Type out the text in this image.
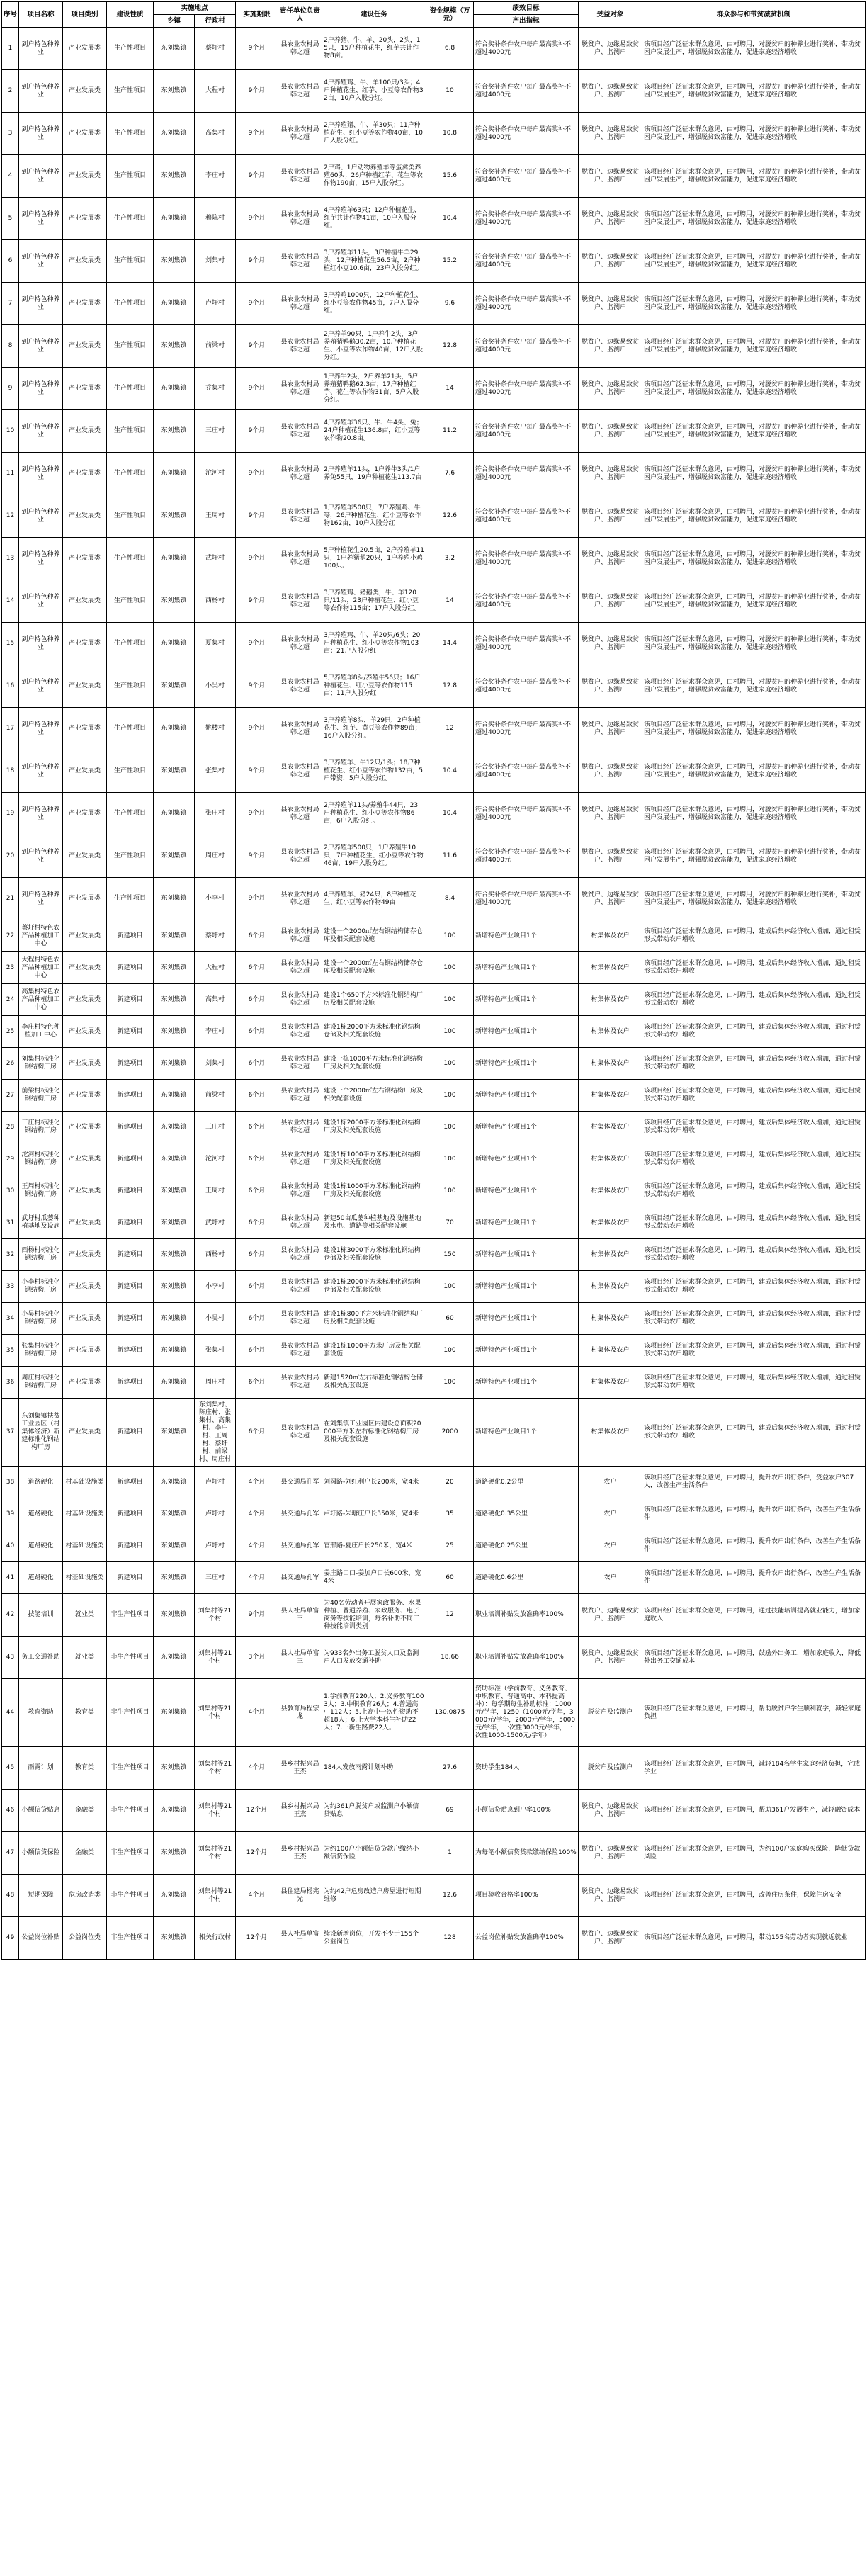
序号	项目名称	项目类别	建设性质	实施地点		实施期限	责任单位负责人	建设任务	资金规模（万元）	绩效目标	受益对象	群众参与和带贫减贫机制
				乡镇	行政村					产出指标		
1	到户特色种养业	产业发展类	生产性项目	东刘集镇	蔡圩村	9个月	县农业农村局韩之超	2户养猪、牛、羊、20头，2头，15只，15户种植花生，红芋共计作物8亩。	6.8	符合奖补条件农户每户最高奖补不超过4000元	脱贫户、边缘易致贫户、监测户	该项目经广泛征求群众意见，由村聘用，对脱贫户的种养业进行奖补，带动贫困户发展生产，增强脱贫致富能力，促进家庭经济增收
2	到户特色种养业	产业发展类	生产性项目	东刘集镇	大程村	9个月	县农业农村局韩之超	4户养殖鸡、牛、羊100只/3头；4户种植花生、红芋、小豆等农作物32亩，10户入股分红。	10	符合奖补条件农户每户最高奖补不超过4000元	脱贫户、边缘易致贫户、监测户	该项目经广泛征求群众意见，由村聘用，对脱贫户的种养业进行奖补，带动贫困户发展生产，增强脱贫致富能力，促进家庭经济增收
3	到户特色种养业	产业发展类	生产性项目	东刘集镇	高集村	9个月	县农业农村局韩之超	2户养殖猪、牛、羊30只；11户种植花生、红小豆等农作物40亩，10户入股分红。	10.8	符合奖补条件农户每户最高奖补不超过4000元	脱贫户、边缘易致贫户、监测户	该项目经广泛征求群众意见，由村聘用，对脱贫户的种养业进行奖补，带动贫困户发展生产，增强脱贫致富能力，促进家庭经济增收
4	到户特色种养业	产业发展类	生产性项目	东刘集镇	李庄村	9个月	县农业农村局韩之超	2户鸡、1户动物养殖羊等蛋禽类养殖60头；26户种植红芋、花生等农作物190亩，15户入股分红。	15.6	符合奖补条件农户每户最高奖补不超过4000元	脱贫户、边缘易致贫户、监测户	该项目经广泛征求群众意见，由村聘用，对脱贫户的种养业进行奖补，带动贫困户发展生产，增强脱贫致富能力，促进家庭经济增收
5	到户特色种养业	产业发展类	生产性项目	东刘集镇	穆陈村	9个月	县农业农村局韩之超	4户养殖羊63只；12户种植花生、红芋共计作物41亩，10户入股分红。	10.4	符合奖补条件农户每户最高奖补不超过4000元	脱贫户、边缘易致贫户、监测户	该项目经广泛征求群众意见，由村聘用，对脱贫户的种养业进行奖补，带动贫困户发展生产，增强脱贫致富能力，促进家庭经济增收
6	到户特色种养业	产业发展类	生产性项目	东刘集镇	刘集村	9个月	县农业农村局韩之超	3户养殖羊11头，3户种植牛羊29头，12户种植花生56.5亩，2户种植红小豆10.6亩，23户入股分红。	15.2	符合奖补条件农户每户最高奖补不超过4000元	脱贫户、边缘易致贫户、监测户	该项目经广泛征求群众意见，由村聘用，对脱贫户的种养业进行奖补，带动贫困户发展生产，增强脱贫致富能力，促进家庭经济增收
7	到户特色种养业	产业发展类	生产性项目	东刘集镇	卢圩村	9个月	县农业农村局韩之超	3户养鸡1000只，12户种植花生、红小豆等农作物45亩，7户入股分红。	9.6	符合奖补条件农户每户最高奖补不超过4000元	脱贫户、边缘易致贫户、监测户	该项目经广泛征求群众意见，由村聘用，对脱贫户的种养业进行奖补，带动贫困户发展生产，增强脱贫致富能力，促进家庭经济增收
8	到户特色种养业	产业发展类	生产性项目	东刘集镇	前梁村	9个月	县农业农村局韩之超	2户养羊90只，1户养牛2头，3户养殖猪鸭鹅30.2亩，10户种植花生、小豆等农作物40亩，12户入股分红。	12.8	符合奖补条件农户每户最高奖补不超过4000元	脱贫户、边缘易致贫户、监测户	该项目经广泛征求群众意见，由村聘用，对脱贫户的种养业进行奖补，带动贫困户发展生产，增强脱贫致富能力，促进家庭经济增收
9	到户特色种养业	产业发展类	生产性项目	东刘集镇	乔集村	9个月	县农业农村局韩之超	1户养牛2头，2户养羊21头，5户养殖猪鸭鹅62.3亩；17户种植红芋、花生等农作物31亩，5户入股分红。	14	符合奖补条件农户每户最高奖补不超过4000元	脱贫户、边缘易致贫户、监测户	该项目经广泛征求群众意见，由村聘用，对脱贫户的种养业进行奖补，带动贫困户发展生产，增强脱贫致富能力，促进家庭经济增收
10	到户特色种养业	产业发展类	生产性项目	东刘集镇	三庄村	9个月	县农业农村局韩之超	4户养殖羊36只、牛、牛4头、兔；24户种植花生136.8亩，红小豆等农作物20.8亩。	11.2	符合奖补条件农户每户最高奖补不超过4000元	脱贫户、边缘易致贫户、监测户	该项目经广泛征求群众意见，由村聘用，对脱贫户的种养业进行奖补，带动贫困户发展生产，增强脱贫致富能力，促进家庭经济增收
11	到户特色种养业	产业发展类	生产性项目	东刘集镇	沱河村	9个月	县农业农村局韩之超	2户养殖羊11头，1户养牛3头/1户养兔55只，19户种植花生113.7亩	7.6	符合奖补条件农户每户最高奖补不超过4000元	脱贫户、边缘易致贫户、监测户	该项目经广泛征求群众意见，由村聘用，对脱贫户的种养业进行奖补，带动贫困户发展生产，增强脱贫致富能力，促进家庭经济增收
12	到户特色种养业	产业发展类	生产性项目	东刘集镇	王周村	9个月	县农业农村局韩之超	1户养殖羊500只，7户养殖鸡、牛等，26户种植花生、红小豆等农作物162亩，10户入股分红	12.6	符合奖补条件农户每户最高奖补不超过4000元	脱贫户、边缘易致贫户、监测户	该项目经广泛征求群众意见，由村聘用，对脱贫户的种养业进行奖补，带动贫困户发展生产，增强脱贫致富能力，促进家庭经济增收
13	到户特色种养业	产业发展类	生产性项目	东刘集镇	武圩村	9个月	县农业农村局韩之超	5户种植花生20.5亩，2户养殖羊11只，1户养猪鹅20只，1户养殖小鸡100只。	3.2	符合奖补条件农户每户最高奖补不超过4000元	脱贫户、边缘易致贫户、监测户	该项目经广泛征求群众意见，由村聘用，对脱贫户的种养业进行奖补，带动贫困户发展生产，增强脱贫致富能力，促进家庭经济增收
14	到户特色种养业	产业发展类	生产性项目	东刘集镇	西杨村	9个月	县农业农村局韩之超	3户养殖鸡、猪鹅类，牛、羊120只/11头，23户种植花生、红小豆等农作物115亩；17户入股分红。	14	符合奖补条件农户每户最高奖补不超过4000元	脱贫户、边缘易致贫户、监测户	该项目经广泛征求群众意见，由村聘用，对脱贫户的种养业进行奖补，带动贫困户发展生产，增强脱贫致富能力，促进家庭经济增收
15	到户特色种养业	产业发展类	生产性项目	东刘集镇	夏集村	9个月	县农业农村局韩之超	3户养殖鸡、牛、羊20只/6头；20户种植花生、红小豆等农作物103亩；21户入股分红	14.4	符合奖补条件农户每户最高奖补不超过4000元	脱贫户、边缘易致贫户、监测户	该项目经广泛征求群众意见，由村聘用，对脱贫户的种养业进行奖补，带动贫困户发展生产，增强脱贫致富能力，促进家庭经济增收
16	到户特色种养业	产业发展类	生产性项目	东刘集镇	小吴村	9个月	县农业农村局韩之超	5户养殖羊8头/养殖牛56只；16户种植花生、红小豆等农作物115亩；11户入股分红	12.8	符合奖补条件农户每户最高奖补不超过4000元	脱贫户、边缘易致贫户、监测户	该项目经广泛征求群众意见，由村聘用，对脱贫户的种养业进行奖补，带动贫困户发展生产，增强脱贫致富能力，促进家庭经济增收
17	到户特色种养业	产业发展类	生产性项目	东刘集镇	姚楼村	9个月	县农业农村局韩之超	3户养殖羊8头，羊29只，2户种植花生、红芋、黄豆等农作物89亩；16户入股分红。	12	符合奖补条件农户每户最高奖补不超过4000元	脱贫户、边缘易致贫户、监测户	该项目经广泛征求群众意见，由村聘用，对脱贫户的种养业进行奖补，带动贫困户发展生产，增强脱贫致富能力，促进家庭经济增收
18	到户特色种养业	产业发展类	生产性项目	东刘集镇	张集村	9个月	县农业农村局韩之超	3户养殖羊、牛12只/1头；18户种植花生、红小豆等农作物132亩，5户带资，5户入股分红。	10.4	符合奖补条件农户每户最高奖补不超过4000元	脱贫户、边缘易致贫户、监测户	该项目经广泛征求群众意见，由村聘用，对脱贫户的种养业进行奖补，带动贫困户发展生产，增强脱贫致富能力，促进家庭经济增收
19	到户特色种养业	产业发展类	生产性项目	东刘集镇	张庄村	9个月	县农业农村局韩之超	2户养殖羊11头/养殖牛44只，23户种植花生、红小豆等农作物86亩，6户入股分红。	10.4	符合奖补条件农户每户最高奖补不超过4000元	脱贫户、边缘易致贫户、监测户	该项目经广泛征求群众意见，由村聘用，对脱贫户的种养业进行奖补，带动贫困户发展生产，增强脱贫致富能力，促进家庭经济增收
20	到户特色种养业	产业发展类	生产性项目	东刘集镇	周庄村	9个月	县农业农村局韩之超	2户养殖羊500只，1户养殖牛10只，7户种植花生、红小豆等农作物46亩，19户入股分红。	11.6	符合奖补条件农户每户最高奖补不超过4000元	脱贫户、边缘易致贫户、监测户	该项目经广泛征求群众意见，由村聘用，对脱贫户的种养业进行奖补，带动贫困户发展生产，增强脱贫致富能力，促进家庭经济增收
21	到户特色种养业	产业发展类	生产性项目	东刘集镇	小李村	9个月	县农业农村局韩之超	4户养殖羊、猪24只；8户种植花生、红小豆等农作物49亩	8.4	符合奖补条件农户每户最高奖补不超过4000元	脱贫户、边缘易致贫户、监测户	该项目经广泛征求群众意见，由村聘用，对脱贫户的种养业进行奖补，带动贫困户发展生产，增强脱贫致富能力，促进家庭经济增收
22	蔡圩村特色农产品种植加工中心	产业发展类	新建项目	东刘集镇	蔡圩村	6个月	县农业农村局韩之超	建设一个2000㎡左右钢结构储存仓库及相关配套设施	100	新增特色产业项目1个	村集体及农户	该项目经广泛征求群众意见，由村聘用，建成后集体经济收入增加，通过租赁形式带动农户增收
23	大程村特色农产品种植加工中心	产业发展类	新建项目	东刘集镇	大程村	6个月	县农业农村局韩之超	建设一个2000㎡左右钢结构储存仓库及相关配套设施	100	新增特色产业项目1个	村集体及农户	该项目经广泛征求群众意见，由村聘用，建成后集体经济收入增加，通过租赁形式带动农户增收
24	高集村特色农产品种植加工中心	产业发展类	新建项目	东刘集镇	高集村	6个月	县农业农村局韩之超	建设1个650平方米标准化钢结构厂房及相关配套设施	100	新增特色产业项目1个	村集体及农户	该项目经广泛征求群众意见，由村聘用，建成后集体经济收入增加，通过租赁形式带动农户增收
25	李庄村特色种植加工中心	产业发展类	新建项目	东刘集镇	李庄村	6个月	县农业农村局韩之超	建设1栋2000平方米标准化钢结构仓储及相关配套设施	100	新增特色产业项目1个	村集体及农户	该项目经广泛征求群众意见，由村聘用，建成后集体经济收入增加，通过租赁形式带动农户增收
26	刘集村标准化钢结构厂房	产业发展类	新建项目	东刘集镇	刘集村	6个月	县农业农村局韩之超	建设一栋1000平方米标准化钢结构厂房及相关配套设施	100	新增特色产业项目1个	村集体及农户	该项目经广泛征求群众意见，由村聘用，建成后集体经济收入增加，通过租赁形式带动农户增收
27	前梁村标准化钢结构厂房	产业发展类	新建项目	东刘集镇	前梁村	6个月	县农业农村局韩之超	建设一个2000㎡左右钢结构厂房及相关配套设施	100	新增特色产业项目1个	村集体及农户	该项目经广泛征求群众意见，由村聘用，建成后集体经济收入增加，通过租赁形式带动农户增收
28	三庄村标准化钢结构厂房	产业发展类	新建项目	东刘集镇	三庄村	6个月	县农业农村局韩之超	建设1栋2000平方米标准化钢结构厂房及相关配套设施	100	新增特色产业项目1个	村集体及农户	该项目经广泛征求群众意见，由村聘用，建成后集体经济收入增加，通过租赁形式带动农户增收
29	沱河村标准化钢结构厂房	产业发展类	新建项目	东刘集镇	沱河村	6个月	县农业农村局韩之超	建设1栋1000平方米标准化钢结构厂房及相关配套设施	100	新增特色产业项目1个	村集体及农户	该项目经广泛征求群众意见，由村聘用，建成后集体经济收入增加，通过租赁形式带动农户增收
30	王周村标准化钢结构厂房	产业发展类	新建项目	东刘集镇	王周村	6个月	县农业农村局韩之超	建设1栋1000平方米标准化钢结构厂房及相关配套设施	100	新增特色产业项目1个	村集体及农户	该项目经广泛征求群众意见，由村聘用，建成后集体经济收入增加，通过租赁形式带动农户增收
31	武圩村瓜蒌种植基地及设施	产业发展类	新建项目	东刘集镇	武圩村	6个月	县农业农村局韩之超	新建50亩瓜蒌种植基地及设施基地及水电、道路等相关配套设施	70	新增特色产业项目1个	村集体及农户	该项目经广泛征求群众意见，由村聘用，建成后集体经济收入增加，通过租赁形式带动农户增收
32	西杨村标准化钢结构厂房	产业发展类	新建项目	东刘集镇	西杨村	6个月	县农业农村局韩之超	建设1栋3000平方米标准化钢结构仓储及相关配套设施	150	新增特色产业项目1个	村集体及农户	该项目经广泛征求群众意见，由村聘用，建成后集体经济收入增加，通过租赁形式带动农户增收
33	小李村标准化钢结构厂房	产业发展类	新建项目	东刘集镇	小李村	6个月	县农业农村局韩之超	建设1栋2000平方米标准化钢结构仓储及相关配套设施	100	新增特色产业项目1个	村集体及农户	该项目经广泛征求群众意见，由村聘用，建成后集体经济收入增加，通过租赁形式带动农户增收
34	小吴村标准化钢结构厂房	产业发展类	新建项目	东刘集镇	小吴村	6个月	县农业农村局韩之超	建设1栋800平方米标准化钢结构厂房及相关配套设施	60	新增特色产业项目1个	村集体及农户	该项目经广泛征求群众意见，由村聘用，建成后集体经济收入增加，通过租赁形式带动农户增收
35	张集村标准化钢结构厂房	产业发展类	新建项目	东刘集镇	张集村	6个月	县农业农村局韩之超	建设1栋1000平方米厂房及相关配套设施	100	新增特色产业项目1个	村集体及农户	该项目经广泛征求群众意见，由村聘用，建成后集体经济收入增加，通过租赁形式带动农户增收
36	周庄村标准化钢结构厂房	产业发展类	新建项目	东刘集镇	周庄村	6个月	县农业农村局韩之超	新建1520㎡左右标准化钢结构仓储及相关配套设施	100	新增特色产业项目1个	村集体及农户	该项目经广泛征求群众意见，由村聘用，建成后集体经济收入增加，通过租赁形式带动农户增收
37	东刘集镇扶贫工业园区（村集体经济）新建标准化钢结构厂房	产业发展类	新建项目	东刘集镇	东刘集村、陈庄村、张集村、高集村、李庄村、王周村、蔡圩村、前梁村、周庄村	6个月	县农业农村局韩之超	在刘集镇工业园区内建设总面积20000平方米左右标准化钢结构厂房及相关配套设施	2000	新增特色产业项目1个	村集体及农户	该项目经广泛征求群众意见，由村聘用，建成后集体经济收入增加，通过租赁形式带动农户增收
38	道路硬化	村基础设施类	新建项目	东刘集镇	卢圩村	4个月	县交通局孔军	刘圆路-刘红利户长200米，宽4米	20	道路硬化0.2公里	农户	该项目经广泛征求群众意见，由村聘用，提升农户出行条件，受益农户307人，改善生产生活条件
39	道路硬化	村基础设施类	新建项目	东刘集镇	卢圩村	4个月	县交通局孔军	卢圩路-朱塘庄户长350米，宽4米	35	道路硬化0.35公里	农户	该项目经广泛征求群众意见，由村聘用，提升农户出行条件，改善生产生活条件
40	道路硬化	村基础设施类	新建项目	东刘集镇	卢圩村	4个月	县交通局孔军	官邢路-夏庄户长250米，宽4米	25	道路硬化0.25公里	农户	该项目经广泛征求群众意见，由村聘用，提升农户出行条件，改善生产生活条件
41	道路硬化	村基础设施类	新建项目	东刘集镇	三庄村	4个月	县交通局孔军	姜庄路口口-姜加户口长600米，宽4米	60	道路硬化0.6公里	农户	该项目经广泛征求群众意见，由村聘用，提升农户出行条件，改善生产生活条件
42	技能培训	就业类	非生产性项目	东刘集镇	刘集村等21个村	9个月	县人社局单富三	为40名劳动者开展家政服务、水果种植、普通养殖、家政服务、电子商务等技能培训，每名补助不同工种技能培训类别	12	职业培训补贴发放准确率100%	脱贫户、边缘易致贫户、监测户	该项目经广泛征求群众意见，由村聘用，通过技能培训提高就业能力，增加家庭收入
43	务工交通补助	就业类	非生产性项目	东刘集镇	刘集村等21个村	3个月	县人社局单富三	为933名外出务工脱贫人口及监测户人口发放交通补助	18.66	职业培训补贴发放准确率100%	脱贫户、边缘易致贫户、监测户	该项目经广泛征求群众意见，由村聘用，鼓励外出务工，增加家庭收入，降低外出务工交通成本
44	教育资助	教育类	非生产性项目	东刘集镇	刘集村等21个村	4个月	县教育局程宗龙	1.学前教育220人；2.义务教育1003人；3.中职教育26人；4.普通高中112人；5.上高中一次性资助不超18人；6.上大学本科生补助22人；7.一新生路费22人。	130.0875	资助标准（学前教育、义务教育、中职教育、普通高中、本科提高补）：每学期每生补助标准：1000元/学年，1250（1000元/学年，3000元/学年，2000元/学年，5000元/学年，一次性3000元/学年，一次性1000-1500元/学年）	脱贫户及监测户	该项目经广泛征求群众意见，由村聘用，帮助脱贫户学生顺利就学，减轻家庭负担
45	雨露计划	教育类	非生产性项目	东刘集镇	刘集村等21个村	4个月	县乡村振兴局王杰	184人发放雨露计划补助	27.6	资助学生184人	脱贫户及监测户	该项目经广泛征求群众意见，由村聘用，减轻184名学生家庭经济负担，完成学业
46	小额信贷贴息	金融类	非生产性项目	东刘集镇	刘集村等21个村	12个月	县乡村振兴局王杰	为约361户脱贫户或监测户小额信贷贴息	69	小额信贷贴息到户率100%	脱贫户、边缘易致贫户、监测户	该项目经广泛征求群众意见，由村聘用，帮助361户发展生产，减轻融资成本
47	小额信贷保险	金融类	非生产性项目	东刘集镇	刘集村等21个村	12个月	县乡村振兴局王杰	为约100户小额信贷贷款户缴纳小额信贷保险	1	为每笔小额信贷贷款缴纳保险100%	脱贫户、边缘易致贫户、监测户	该项目经广泛征求群众意见，由村聘用，为约100户家庭购买保险，降低贷款风险
48	短期保障	危房改造类	非生产性项目	东刘集镇	刘集村等21个村	4个月	县住建局杨宪光	为约42户危房改造户房屋进行短期维修	12.6	项目验收合格率100%	脱贫户、边缘易致贫户、监测户	该项目经广泛征求群众意见，由村聘用，改善住房条件，保障住房安全
49	公益岗位补贴	公益岗位类	非生产性项目	东刘集镇	相关行政村	12个月	县人社局单富三	续设新增岗位，开发不少于155个公益岗位	128	公益岗位补贴发放准确率100%	脱贫户、边缘易致贫户、监测户	该项目经广泛征求群众意见，由村聘用，带动155名劳动者实现就近就业
